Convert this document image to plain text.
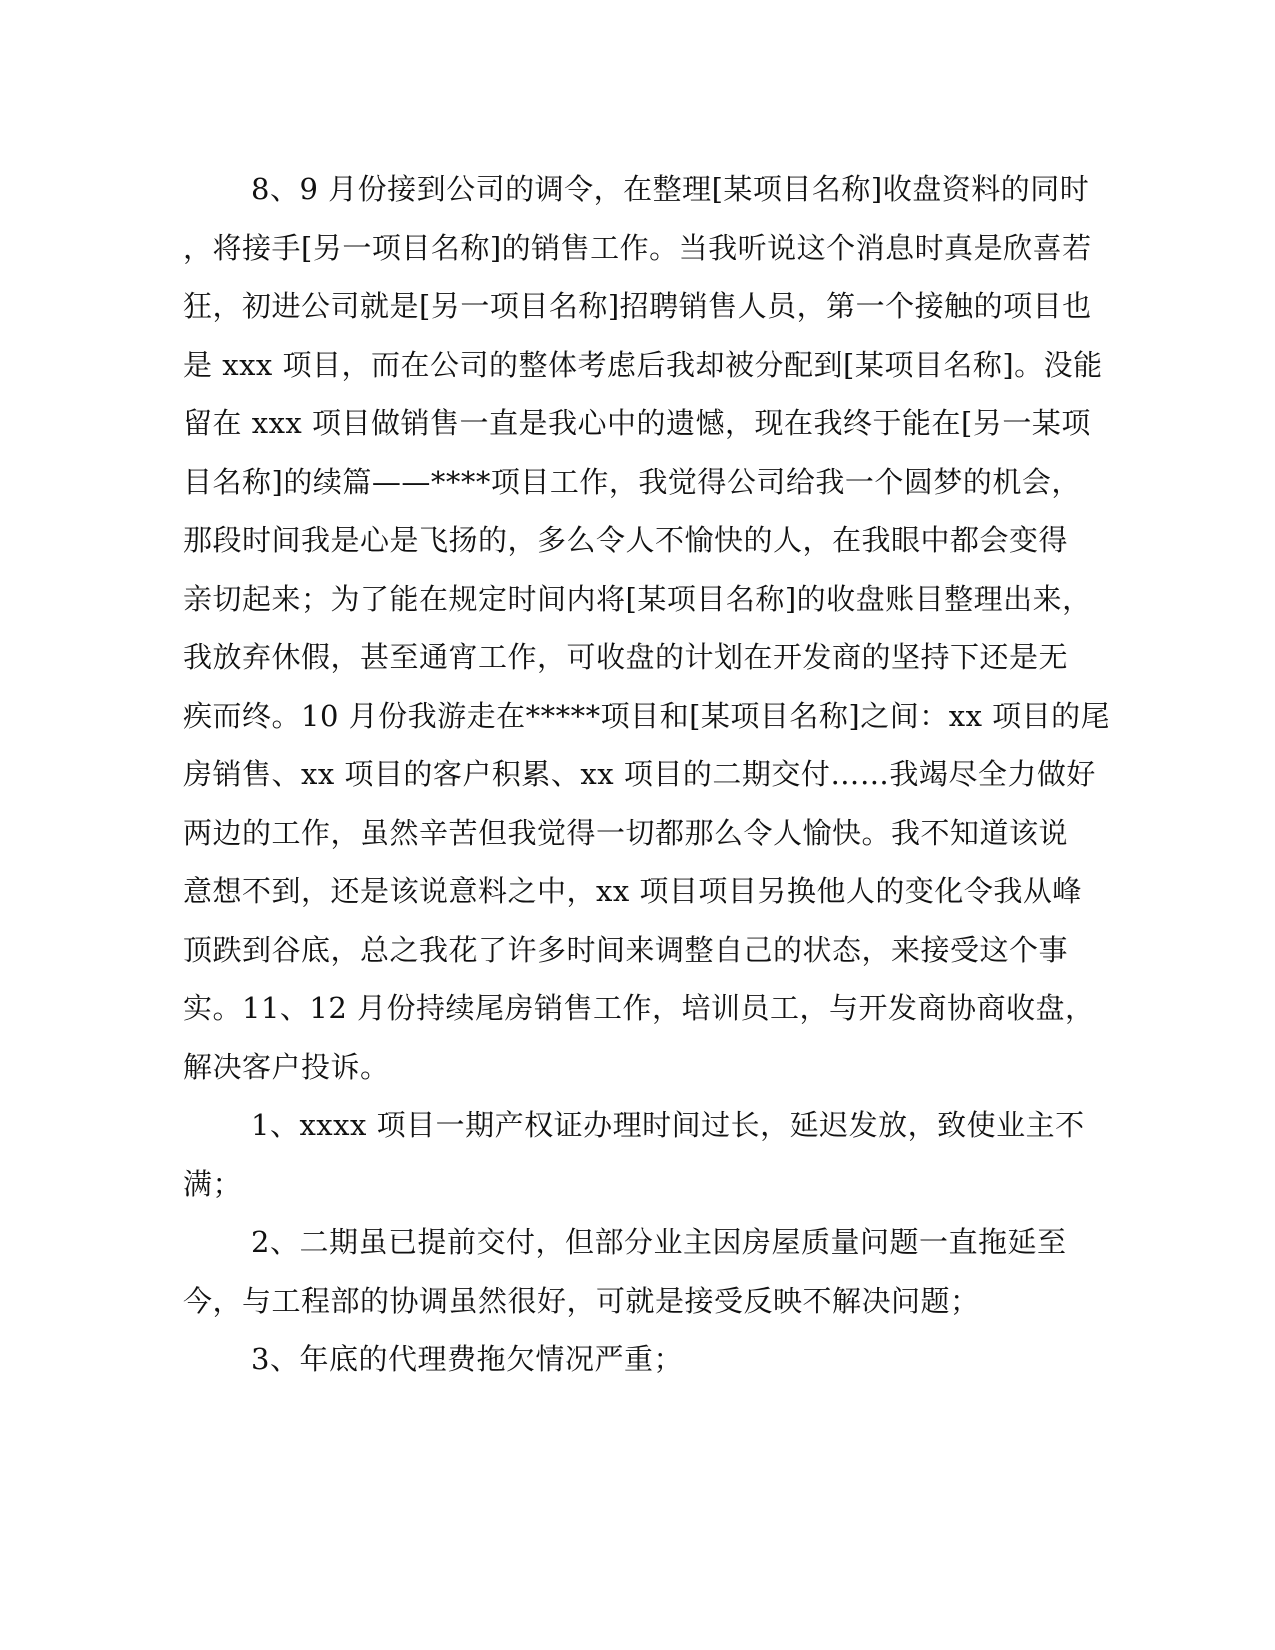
8、9 月份接到公司的调令，在整理[某项目名称]收盘资料的同时
，将接手[另一项目名称]的销售工作。当我听说这个消息时真是欣喜若
狂，初进公司就是[另一项目名称]招聘销售人员，第一个接触的项目也
是 xxx 项目，而在公司的整体考虑后我却被分配到[某项目名称]。没能
留在 xxx 项目做销售一直是我心中的遗憾，现在我终于能在[另一某项
目名称]的续篇——****项目工作，我觉得公司给我一个圆梦的机会，
那段时间我是心是飞扬的，多么令人不愉快的人，在我眼中都会变得
亲切起来；为了能在规定时间内将[某项目名称]的收盘账目整理出来，
我放弃休假，甚至通宵工作，可收盘的计划在开发商的坚持下还是无
疾而终。10 月份我游走在*****项目和[某项目名称]之间：xx 项目的尾
房销售、xx 项目的客户积累、xx 项目的二期交付……我竭尽全力做好
两边的工作，虽然辛苦但我觉得一切都那么令人愉快。我不知道该说
意想不到，还是该说意料之中，xx 项目项目另换他人的变化令我从峰
顶跌到谷底，总之我花了许多时间来调整自己的状态，来接受这个事
实。11、12 月份持续尾房销售工作，培训员工，与开发商协商收盘，
解决客户投诉。
1、xxxx 项目一期产权证办理时间过长，延迟发放，致使业主不
满；
2、二期虽已提前交付，但部分业主因房屋质量问题一直拖延至
今，与工程部的协调虽然很好，可就是接受反映不解决问题；
3、年底的代理费拖欠情况严重；
